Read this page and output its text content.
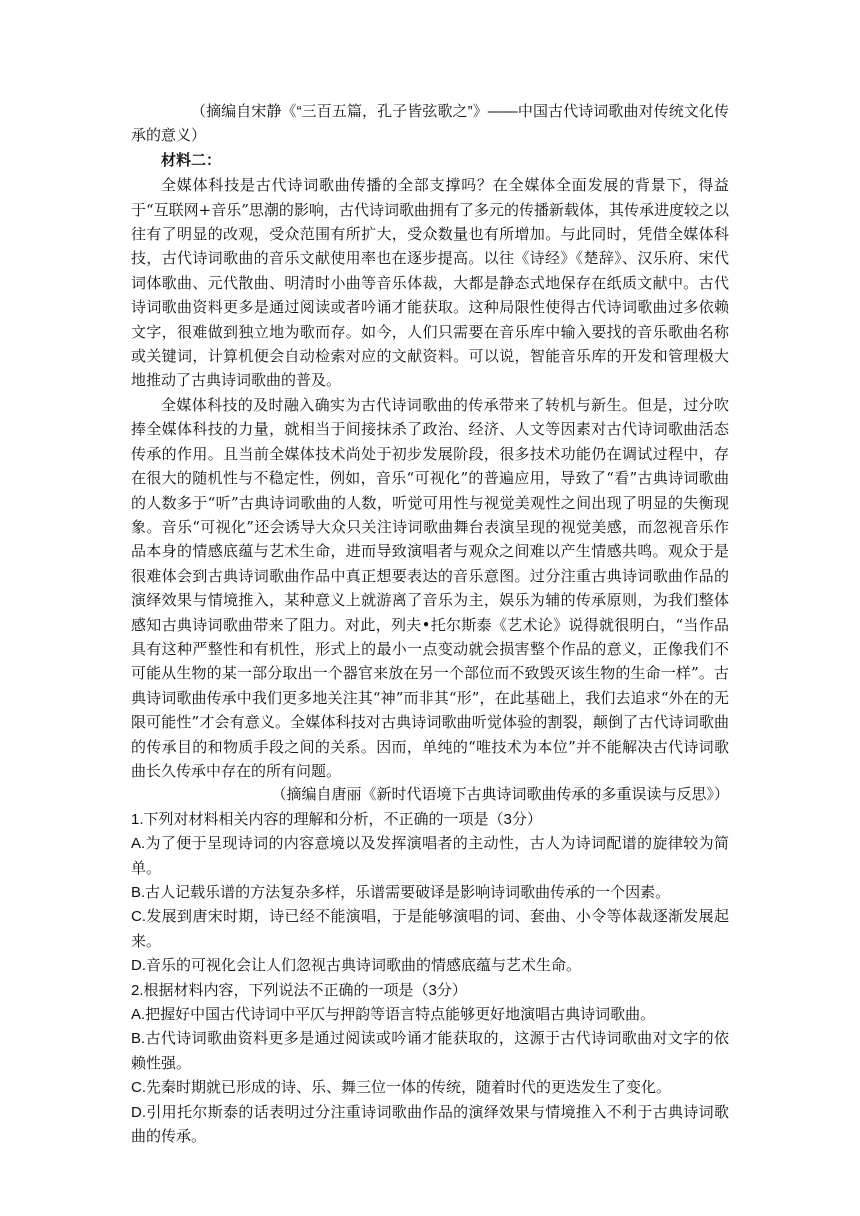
（摘编自宋静《“三百五篇，孔子皆弦歌之”》——中国古代诗词歌曲对传统文化传承的意义）

材料二：

全媒体科技是古代诗词歌曲传播的全部支撑吗？在全媒体全面发展的背景下，得益于“互联网+音乐”思潮的影响，古代诗词歌曲拥有了多元的传播新载体，其传承进度较之以往有了明显的改观，受众范围有所扩大，受众数量也有所增加。与此同时，凭借全媒体科技，古代诗词歌曲的音乐文献使用率也在逐步提高。以往《诗经》《楚辞》、汉乐府、宋代词体歌曲、元代散曲、明清时小曲等音乐体裁，大都是静态式地保存在纸质文献中。古代诗词歌曲资料更多是通过阅读或者吟诵才能获取。这种局限性使得古代诗词歌曲过多依赖文字，很难做到独立地为歌而存。如今，人们只需要在音乐库中输入要找的音乐歌曲名称或关键词，计算机便会自动检索对应的文献资料。可以说，智能音乐库的开发和管理极大地推动了古典诗词歌曲的普及。

全媒体科技的及时融入确实为古代诗词歌曲的传承带来了转机与新生。但是，过分吹捧全媒体科技的力量，就相当于间接抹杀了政治、经济、人文等因素对古代诗词歌曲活态传承的作用。且当前全媒体技术尚处于初步发展阶段，很多技术功能仍在调试过程中，存在很大的随机性与不稳定性，例如，音乐“可视化”的普遍应用，导致了“看”古典诗词歌曲的人数多于“听”古典诗词歌曲的人数，听觉可用性与视觉美观性之间出现了明显的失衡现象。音乐“可视化”还会诱导大众只关注诗词歌曲舞台表演呈现的视觉美感，而忽视音乐作品本身的情感底蕴与艺术生命，进而导致演唱者与观众之间难以产生情感共鸣。观众于是很难体会到古典诗词歌曲作品中真正想要表达的音乐意图。过分注重古典诗词歌曲作品的演绎效果与情境推入，某种意义上就游离了音乐为主，娱乐为辅的传承原则，为我们整体感知古典诗词歌曲带来了阻力。对此，列夫•托尔斯泰《艺术论》说得就很明白，“当作品具有这种严整性和有机性，形式上的最小一点变动就会损害整个作品的意义，正像我们不可能从生物的某一部分取出一个器官来放在另一个部位而不致毁灭该生物的生命一样”。古典诗词歌曲传承中我们更多地关注其“神”而非其“形”，在此基础上，我们去追求“外在的无限可能性”才会有意义。全媒体科技对古典诗词歌曲听觉体验的割裂，颠倒了古代诗词歌曲的传承目的和物质手段之间的关系。因而，单纯的“唯技术为本位”并不能解决古代诗词歌曲长久传承中存在的所有问题。

（摘编自唐丽《新时代语境下古典诗词歌曲传承的多重误读与反思》）

1.下列对材料相关内容的理解和分析，不正确的一项是（3分）

A.为了便于呈现诗词的内容意境以及发挥演唱者的主动性，古人为诗词配谱的旋律较为简单。

B.古人记载乐谱的方法复杂多样，乐谱需要破译是影响诗词歌曲传承的一个因素。

C.发展到唐宋时期，诗已经不能演唱，于是能够演唱的词、套曲、小令等体裁逐渐发展起来。

D.音乐的可视化会让人们忽视古典诗词歌曲的情感底蕴与艺术生命。

2.根据材料内容，下列说法不正确的一项是（3分）

A.把握好中国古代诗词中平仄与押韵等语言特点能够更好地演唱古典诗词歌曲。

B.古代诗词歌曲资料更多是通过阅读或吟诵才能获取的，这源于古代诗词歌曲对文字的依赖性强。

C.先秦时期就已形成的诗、乐、舞三位一体的传统，随着时代的更迭发生了变化。

D.引用托尔斯泰的话表明过分注重诗词歌曲作品的演绎效果与情境推入不利于古典诗词歌曲的传承。
